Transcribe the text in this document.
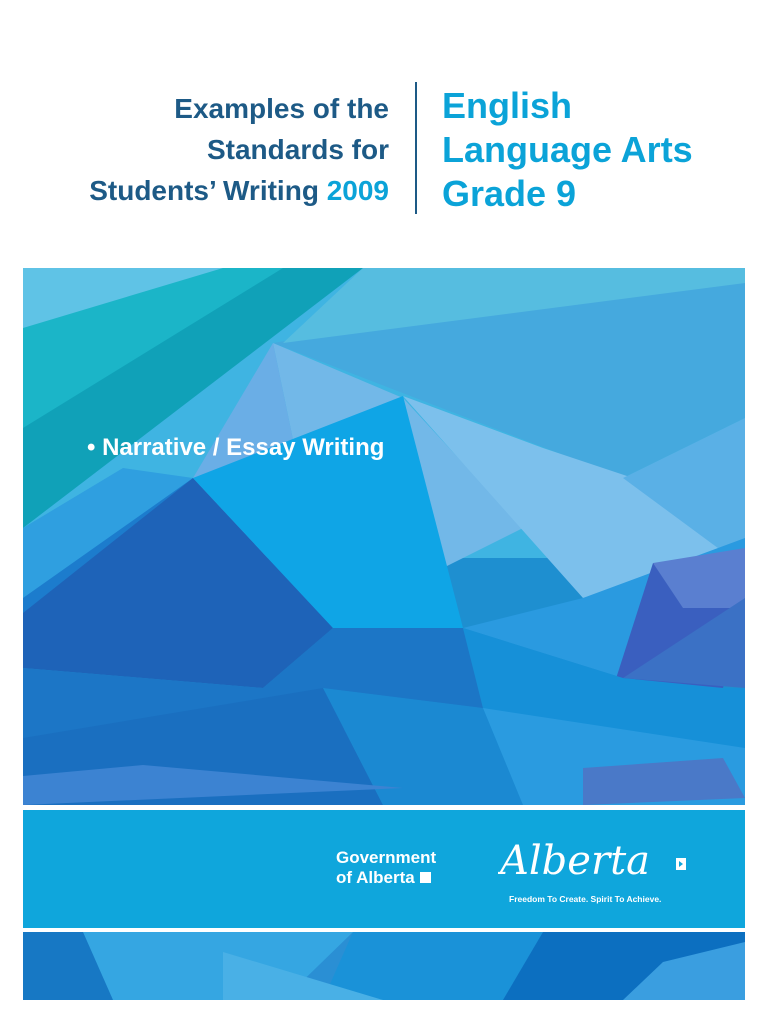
Examples of the
Standards for
Students’ Writing 2009
English
Language Arts
Grade 9
• Narrative / Essay Writing
Government
of Alberta	Alberta
Freedom To Create. Spirit To Achieve.
